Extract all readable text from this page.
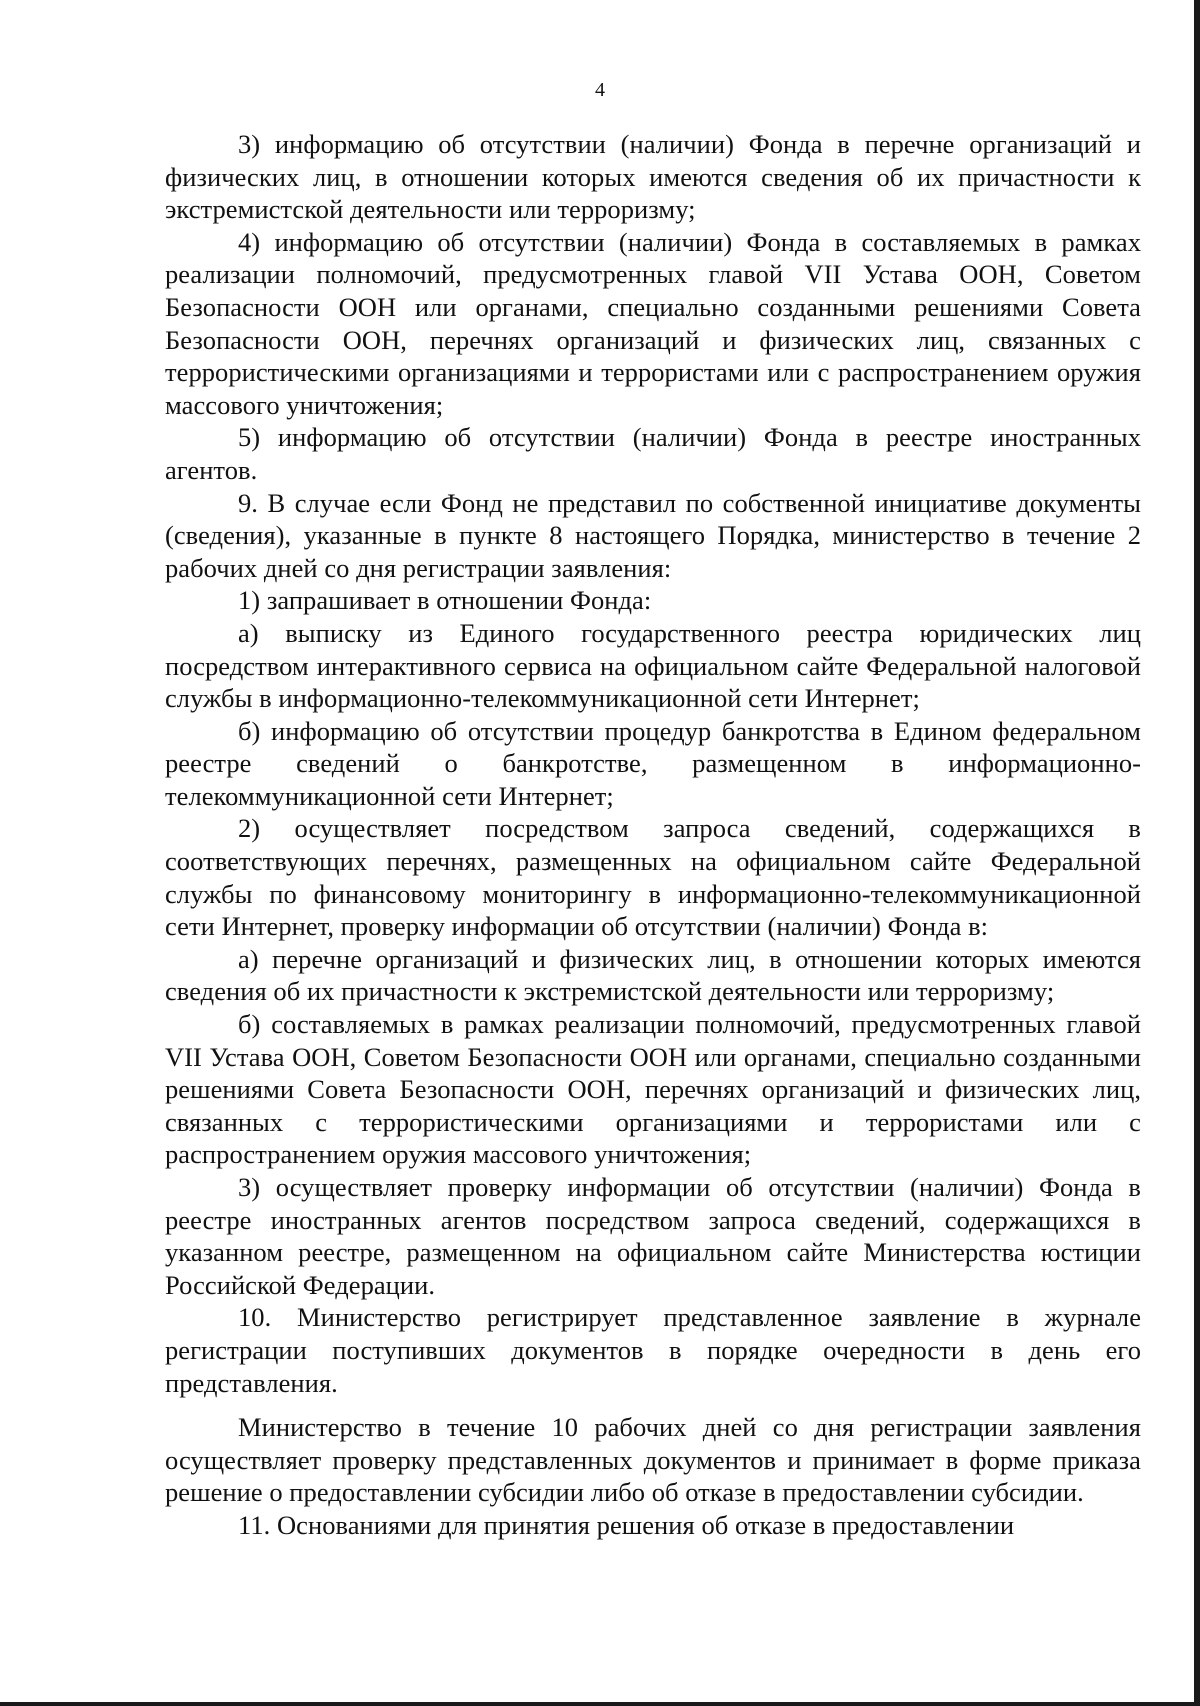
4

3) информацию об отсутствии (наличии) Фонда в перечне организаций и физических лиц, в отношении которых имеются сведения об их причастности к экстремистской деятельности или терроризму;

4) информацию об отсутствии (наличии) Фонда в составляемых в рамках реализации полномочий, предусмотренных главой VII Устава ООН, Советом Безопасности ООН или органами, специально созданными решениями Совета Безопасности ООН, перечнях организаций и физических лиц, связанных с террористическими организациями и террористами или с распространением оружия массового уничтожения;

5) информацию об отсутствии (наличии) Фонда в реестре иностранных агентов.

9. В случае если Фонд не представил по собственной инициативе документы (сведения), указанные в пункте 8 настоящего Порядка, министерство в течение 2 рабочих дней со дня регистрации заявления:

1) запрашивает в отношении Фонда:

а) выписку из Единого государственного реестра юридических лиц посредством интерактивного сервиса на официальном сайте Федеральной налоговой службы в информационно-телекоммуникационной сети Интернет;

б) информацию об отсутствии процедур банкротства в Едином федеральном реестре сведений о банкротстве, размещенном в информационно-телекоммуникационной сети Интернет;

2) осуществляет посредством запроса сведений, содержащихся в соответствующих перечнях, размещенных на официальном сайте Федеральной службы по финансовому мониторингу в информационно-телекоммуникационной сети Интернет, проверку информации об отсутствии (наличии) Фонда в:

а) перечне организаций и физических лиц, в отношении которых имеются сведения об их причастности к экстремистской деятельности или терроризму;

б) составляемых в рамках реализации полномочий, предусмотренных главой VII Устава ООН, Советом Безопасности ООН или органами, специально созданными решениями Совета Безопасности ООН, перечнях организаций и физических лиц, связанных с террористическими организациями и террористами или с распространением оружия массового уничтожения;

3) осуществляет проверку информации об отсутствии (наличии) Фонда в реестре иностранных агентов посредством запроса сведений, содержащихся в указанном реестре, размещенном на официальном сайте Министерства юстиции Российской Федерации.

10. Министерство регистрирует представленное заявление в журнале регистрации поступивших документов в порядке очередности в день его представления.

Министерство в течение 10 рабочих дней со дня регистрации заявления осуществляет проверку представленных документов и принимает в форме приказа решение о предоставлении субсидии либо об отказе в предоставлении субсидии.

11. Основаниями для принятия решения об отказе в предоставлении
